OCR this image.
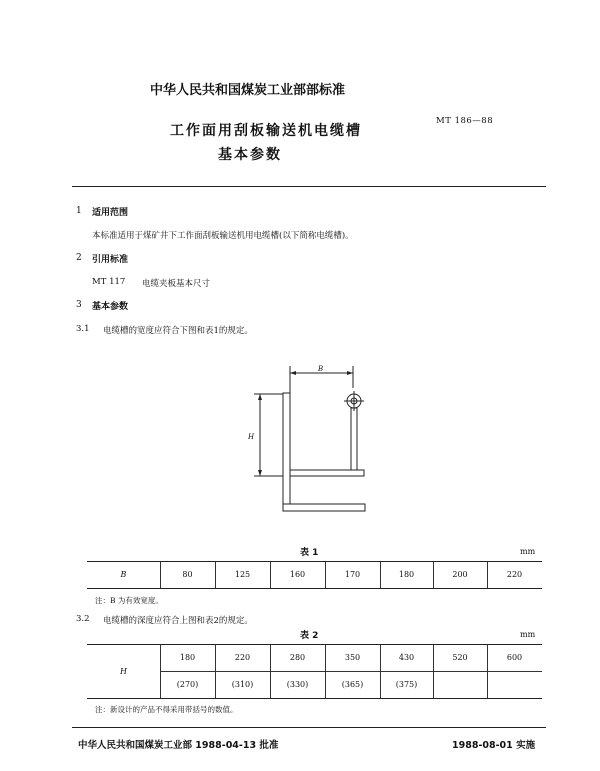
中华人民共和国煤炭工业部部标准
MT 186—88
工作面用刮板输送机电缆槽
基本参数
1 适用范围
本标准适用于煤矿井下工作面刮板输送机用电缆槽(以下简称电缆槽)。
2 引用标准
MT 117 电缆夹板基本尺寸
3 基本参数
3.1 电缆槽的宽度应符合下图和表1的规定。
B
H
表 1	mm
B	80	125	160	170	180	200	220
注：B 为有效宽度。
3.2 电缆槽的深度应符合上图和表2的规定。
表 2	mm
H
180	220	280	350	430	520	600
(270)	(310)	(330)	(365)	(375)
注：新设计的产品不得采用带括号的数值。
中华人民共和国煤炭工业部 1988-04-13 批准	1988-08-01 实施
